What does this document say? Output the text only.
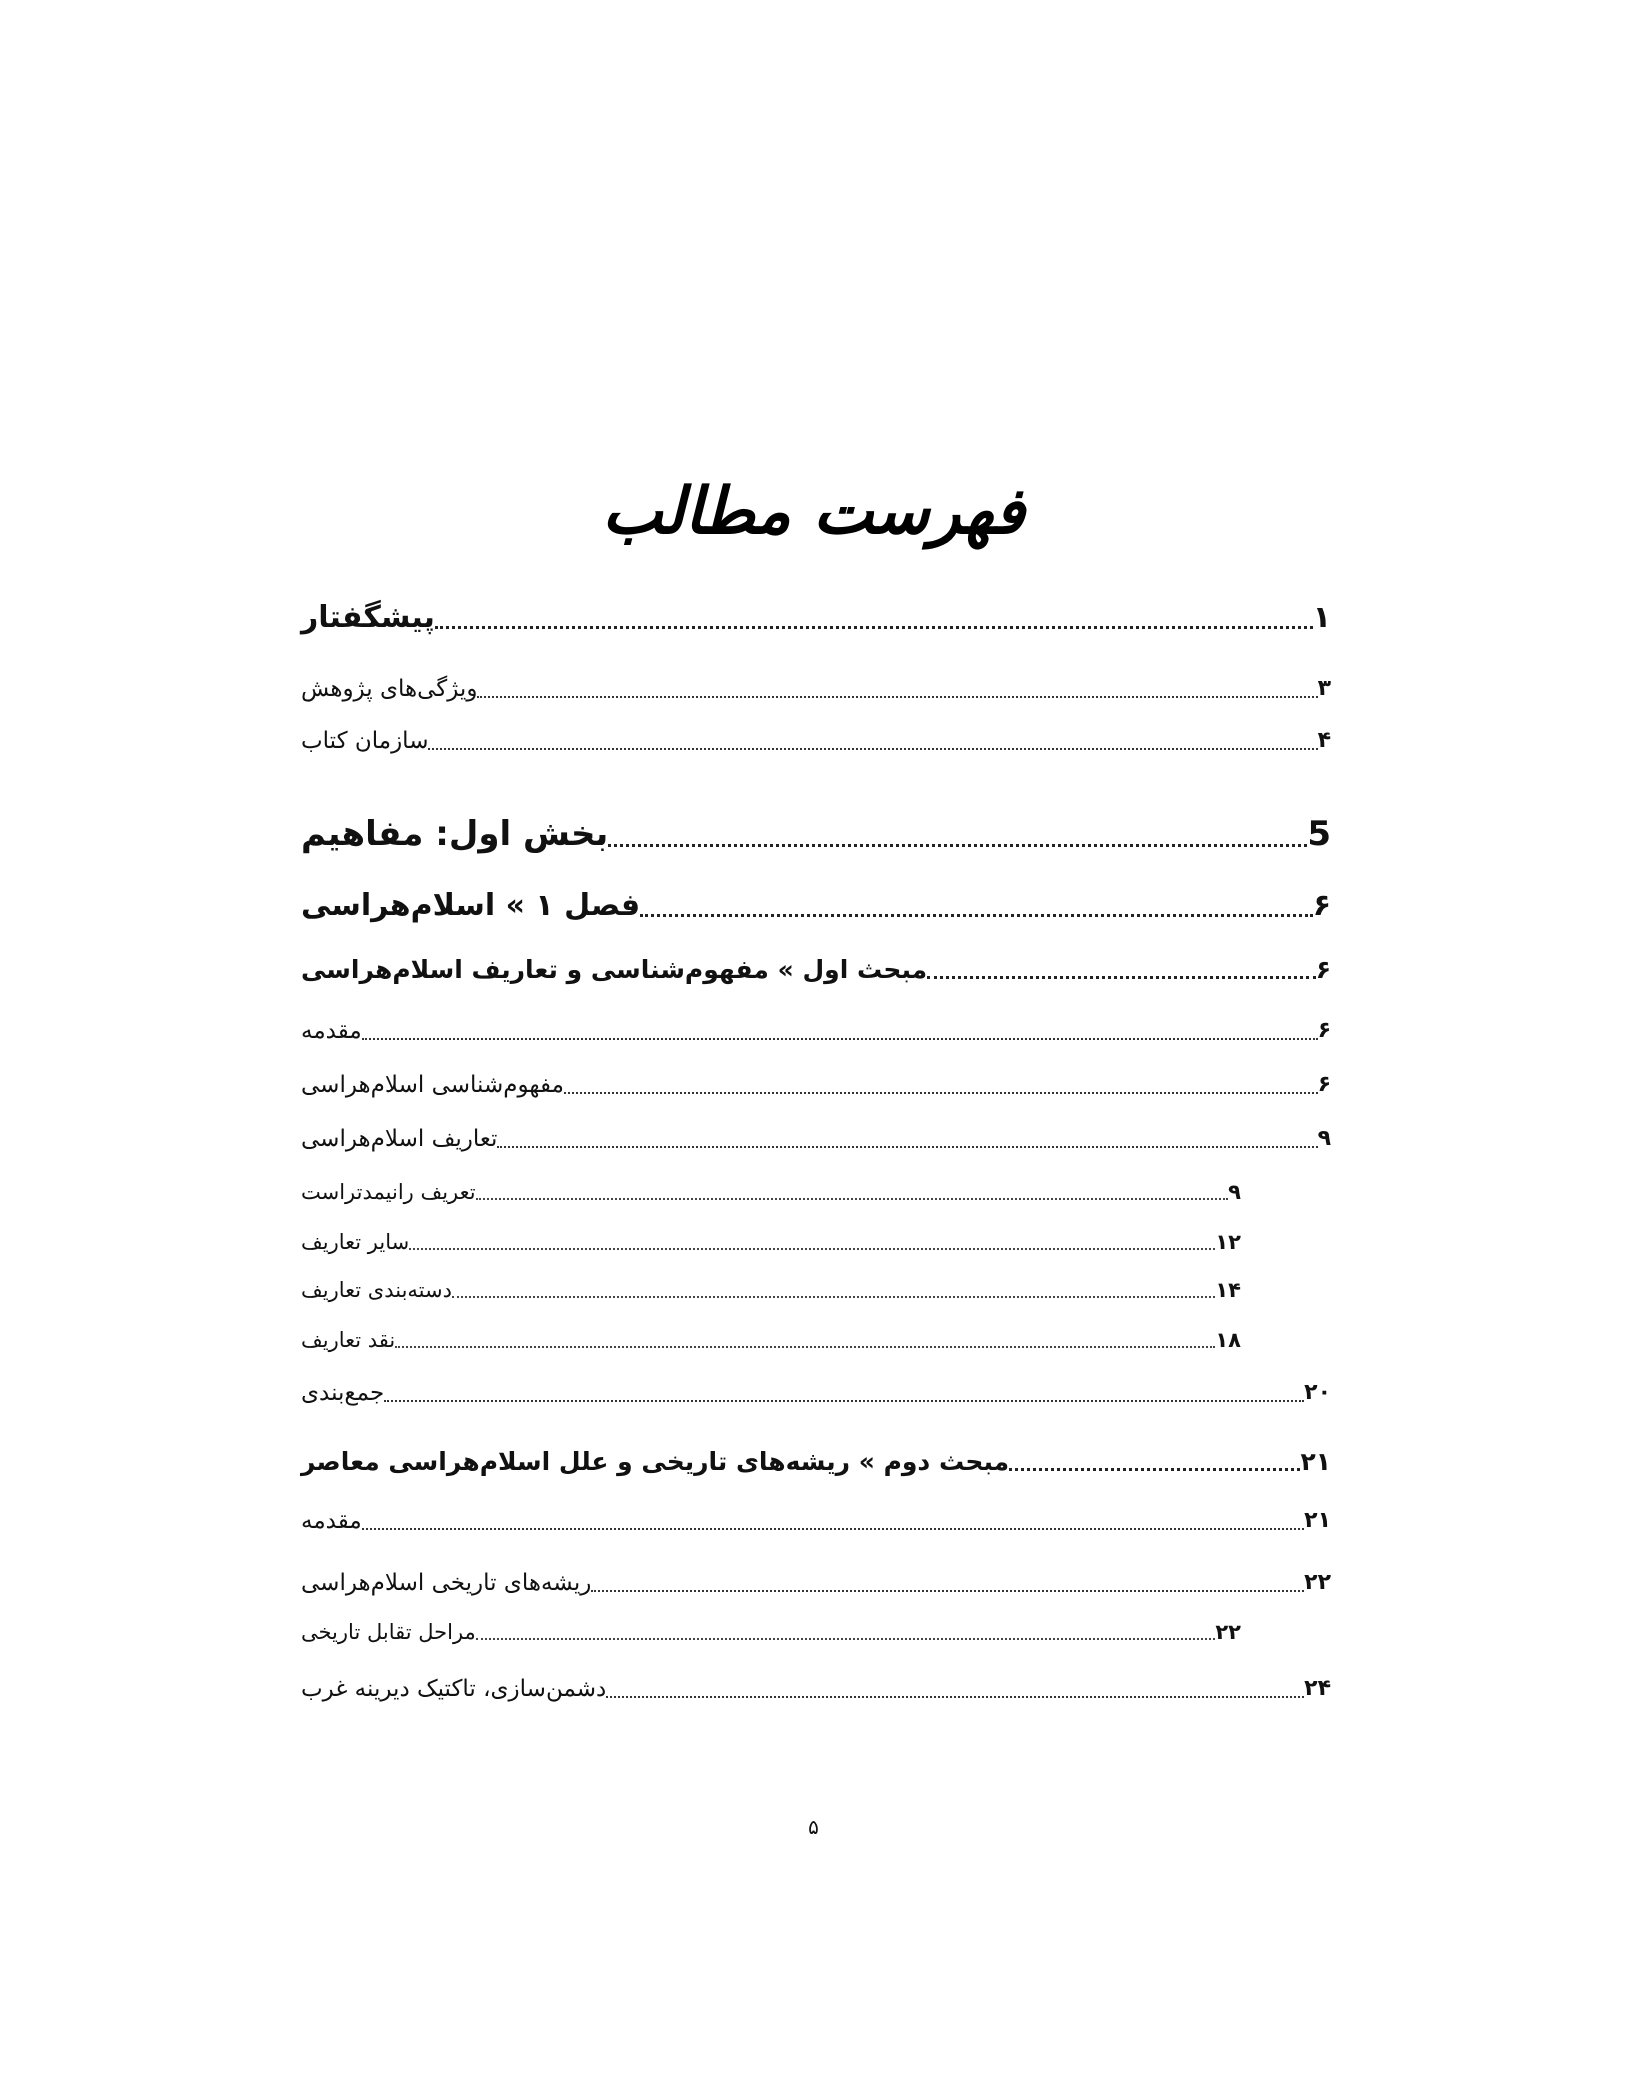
فهرست مطالب
پیشگفتار	۱
ویژگی‌های پژوهش	۳
سازمان کتاب	۴
بخش اول: مفاهیم	5
فصل ۱ » اسلام‌هراسی	۶
مبحث اول » مفهوم‌شناسی و تعاریف اسلام‌هراسی	۶
مقدمه	۶
مفهوم‌شناسی اسلام‌هراسی	۶
تعاریف اسلام‌هراسی	۹
تعریف رانیمدتراست	۹
سایر تعاریف	۱۲
دسته‌بندی تعاریف	۱۴
نقد تعاریف	۱۸
جمع‌بندی	۲۰
مبحث دوم » ریشه‌های تاریخی و علل اسلام‌هراسی معاصر	۲۱
مقدمه	۲۱
ریشه‌های تاریخی اسلام‌هراسی	۲۲
مراحل تقابل تاریخی	۲۲
دشمن‌سازی، تاکتیک دیرینه غرب	۲۴
۵
